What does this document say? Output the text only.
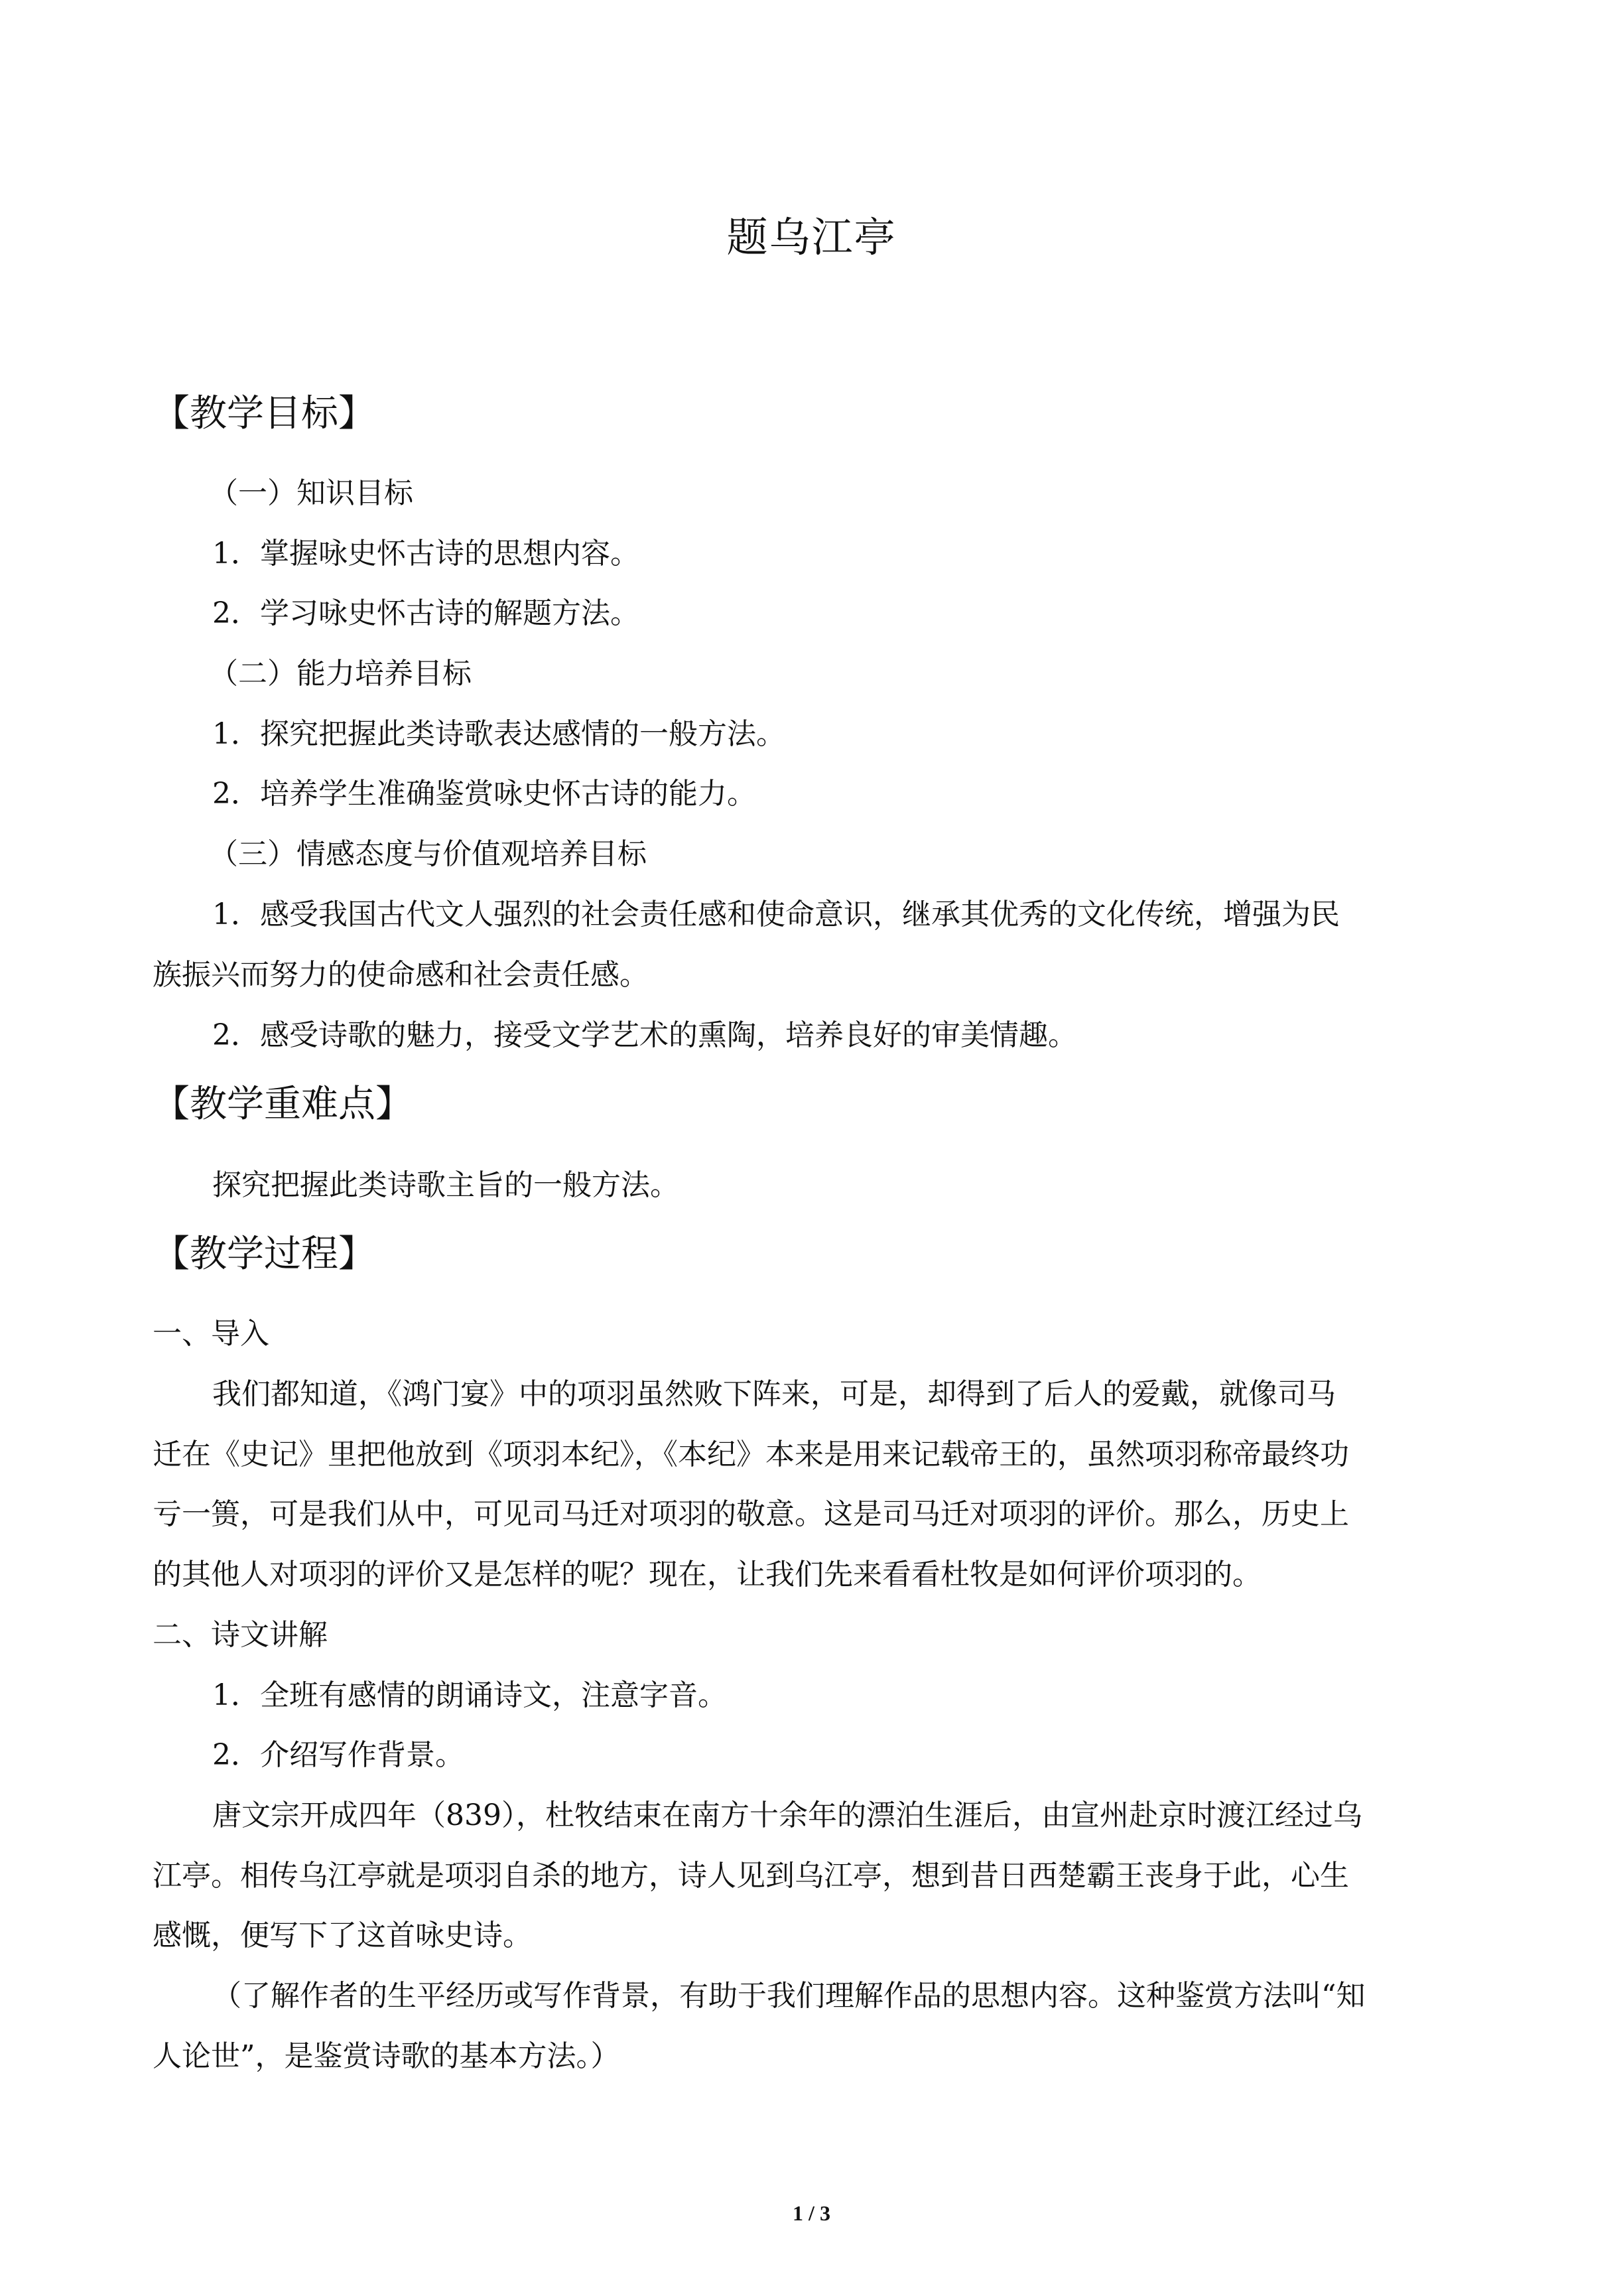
题乌江亭
【教学目标】
（一）知识目标
1．掌握咏史怀古诗的思想内容。
2．学习咏史怀古诗的解题方法。
（二）能力培养目标
1．探究把握此类诗歌表达感情的一般方法。
2．培养学生准确鉴赏咏史怀古诗的能力。
（三）情感态度与价值观培养目标
1．感受我国古代文人强烈的社会责任感和使命意识，继承其优秀的文化传统，增强为民
族振兴而努力的使命感和社会责任感。
2．感受诗歌的魅力，接受文学艺术的熏陶，培养良好的审美情趣。
【教学重难点】
探究把握此类诗歌主旨的一般方法。
【教学过程】
一、导入
我们都知道，《鸿门宴》中的项羽虽然败下阵来，可是，却得到了后人的爱戴，就像司马
迁在《史记》里把他放到《项羽本纪》，《本纪》本来是用来记载帝王的，虽然项羽称帝最终功
亏一篑，可是我们从中，可见司马迁对项羽的敬意。这是司马迁对项羽的评价。那么，历史上
的其他人对项羽的评价又是怎样的呢？现在，让我们先来看看杜牧是如何评价项羽的。
二、诗文讲解
1．全班有感情的朗诵诗文，注意字音。
2．介绍写作背景。
唐文宗开成四年（839），杜牧结束在南方十余年的漂泊生涯后，由宣州赴京时渡江经过乌
江亭。相传乌江亭就是项羽自杀的地方，诗人见到乌江亭，想到昔日西楚霸王丧身于此，心生
感慨，便写下了这首咏史诗。
（了解作者的生平经历或写作背景，有助于我们理解作品的思想内容。这种鉴赏方法叫“知
人论世”，是鉴赏诗歌的基本方法。）
1 / 3
